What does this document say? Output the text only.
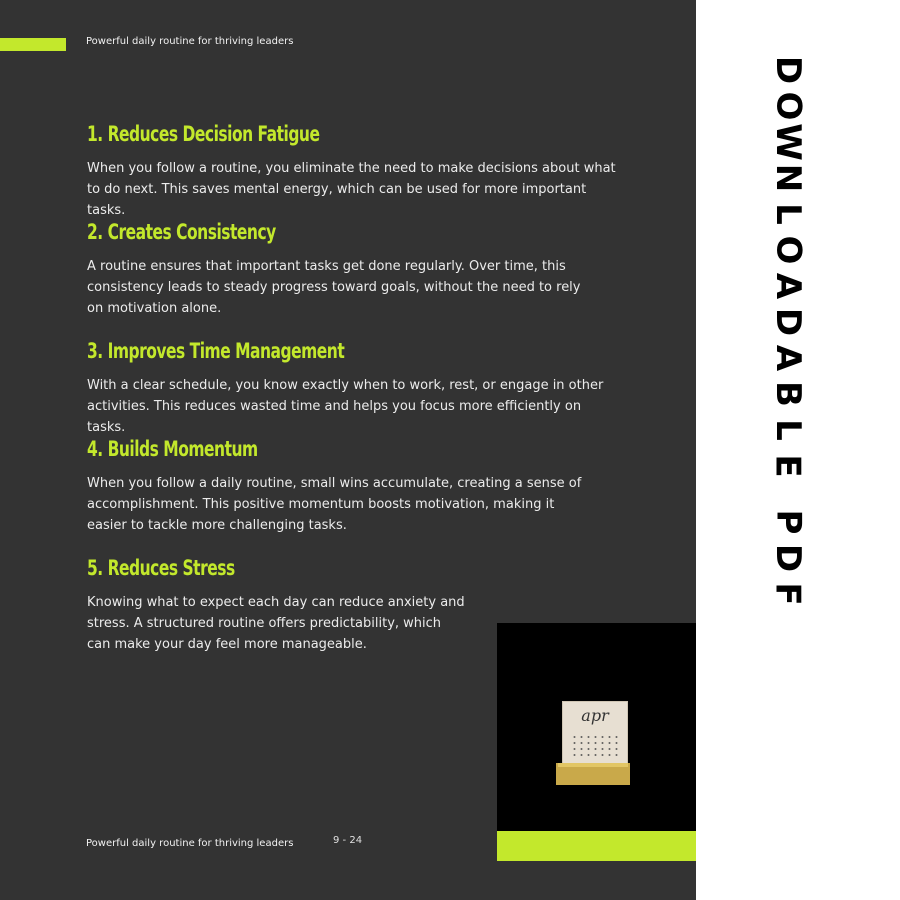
Powerful daily routine for thriving leaders
1. Reduces Decision Fatigue

When you follow a routine, you eliminate the need to make decisions about what to do next. This saves mental energy, which can be used for more important tasks.

2. Creates Consistency

A routine ensures that important tasks get done regularly. Over time, this consistency leads to steady progress toward goals, without the need to rely on motivation alone.

3. Improves Time Management

With a clear schedule, you know exactly when to work, rest, or engage in other activities. This reduces wasted time and helps you focus more efficiently on tasks.

4. Builds Momentum

When you follow a daily routine, small wins accumulate, creating a sense of accomplishment. This positive momentum boosts motivation, making it easier to tackle more challenging tasks.

5. Reduces Stress

Knowing what to expect each day can reduce anxiety and stress. A structured routine offers predictability, which can make your day feel more manageable.

apr
Powerful daily routine for thriving leaders	9 - 24
D
O
W
N
L
O
A
D
A
B
L
E

P
D
F
